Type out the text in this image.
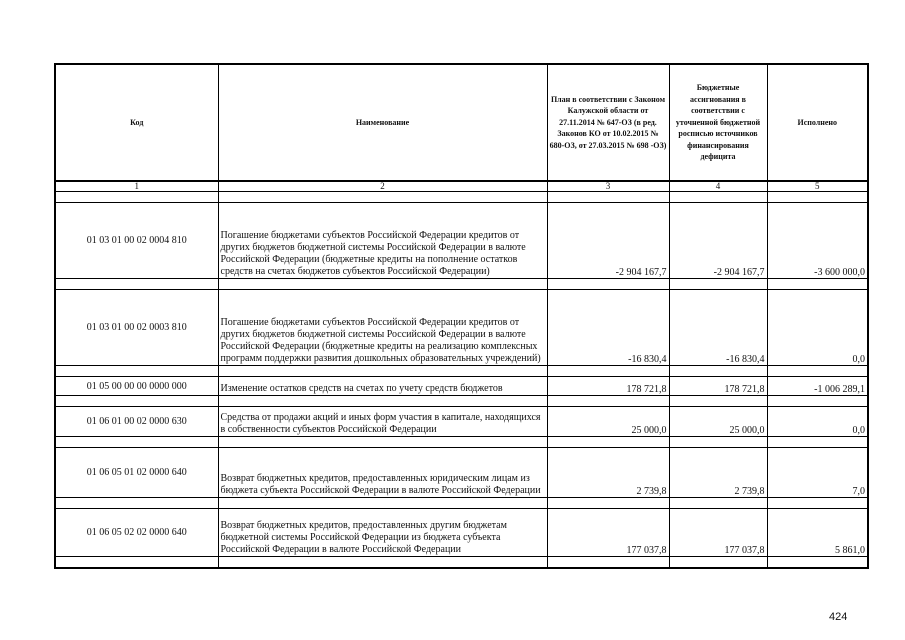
Код	Наименование	План в соответствии с Законом Калужской области от 27.11.2014 № 647-ОЗ (в ред. Законов КО от 10.02.2015 № 680-ОЗ, от 27.03.2015 № 698 -ОЗ)	Бюджетные ассигнования в соответствии с уточненной бюджетной росписью источников финансирования дефицита	Исполнено
1	2	3	4	5

01 03 01 00 02 0004 810	Погашение бюджетами субъектов Российской Федерации кредитов от других бюджетов бюджетной системы Российской Федерации в валюте Российской Федерации (бюджетные кредиты на пополнение остатков средств на счетах бюджетов субъектов Российской Федерации)	-2 904 167,7	-2 904 167,7	-3 600 000,0

01 03 01 00 02 0003 810	Погашение бюджетами субъектов Российской Федерации кредитов от других бюджетов бюджетной системы Российской Федерации в валюте Российской Федерации (бюджетные кредиты на реализацию комплексных программ поддержки развития дошкольных образовательных учреждений)	-16 830,4	-16 830,4	0,0

01 05 00 00 00 0000 000	Изменение остатков средств на счетах по учету средств бюджетов	178 721,8	178 721,8	-1 006 289,1

01 06 01 00 02 0000 630	Средства от продажи акций и иных форм участия в капитале, находящихся в собственности субъектов Российской Федерации	25 000,0	25 000,0	0,0

01 06 05 01 02 0000 640	Возврат бюджетных кредитов, предоставленных юридическим лицам из бюджета субъекта Российской Федерации в валюте Российской Федерации	2 739,8	2 739,8	7,0

01 06 05 02 02 0000 640	Возврат бюджетных кредитов, предоставленных другим бюджетам бюджетной системы Российской Федерации из бюджета субъекта Российской Федерации в валюте Российской Федерации	177 037,8	177 037,8	5 861,0

424
